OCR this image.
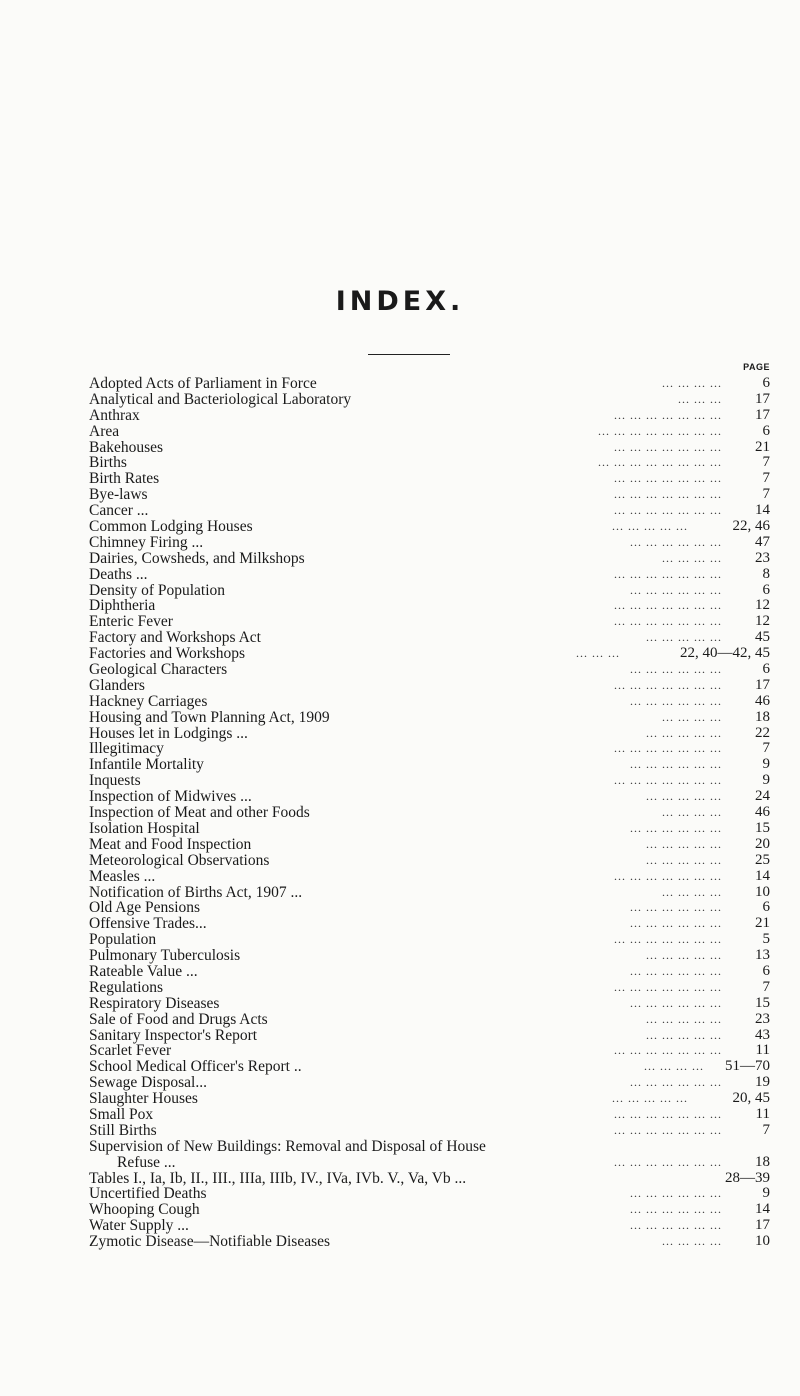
INDEX.
PAGE
Adopted Acts of Parliament in Force	... ... ... ...	6
Analytical and Bacteriological Laboratory	... ... ... 17
Anthrax	... ... ... ... ... ... ... 17
Area	... ... ... ... ... ... ... ...	6
Bakehouses	... ... ... ... ... ... ... 21
Births	... ... ... ... ... ... ... ...	7
Birth Rates	... ... ... ... ... ... ...	7
Bye-laws	... ... ... ... ... ... ...	7
Cancer ...	... ... ... ... ... ... ... 14
Common Lodging Houses	... ... ... ... ...	22, 46
Chimney Firing ...	... ... ... ... ... ... 47
Dairies, Cowsheds, and Milkshops	... ... ... ... 23
Deaths ...	... ... ... ... ... ... ...	8
Density of Population	... ... ... ... ... ...	6
Diphtheria	... ... ... ... ... ... ... 12
Enteric Fever	... ... ... ... ... ... ... 12
Factory and Workshops Act	... ... ... ... ... 45
Factories and Workshops	... ... ...	22, 40—42, 45
Geological Characters	... ... ... ... ... ...	6
Glanders	... ... ... ... ... ... ... 17
Hackney Carriages	... ... ... ... ... ... 46
Housing and Town Planning Act, 1909	... ... ... ... 18
Houses let in Lodgings ...	... ... ... ... ... 22
Illegitimacy	... ... ... ... ... ... ...	7
Infantile Mortality	... ... ... ... ... ...	9
Inquests	... ... ... ... ... ... ...	9
Inspection of Midwives ...	... ... ... ... ... 24
Inspection of Meat and other Foods	... ... ... ... 46
Isolation Hospital	... ... ... ... ... ... 15
Meat and Food Inspection	... ... ... ... ... 20
Meteorological Observations	... ... ... ... ... 25
Measles ...	... ... ... ... ... ... ... 14
Notification of Births Act, 1907 ...	... ... ... ... 10
Old Age Pensions	... ... ... ... ... ...	6
Offensive Trades...	... ... ... ... ... ... 21
Population	... ... ... ... ... ... ...	5
Pulmonary Tuberculosis	... ... ... ... ... 13
Rateable Value ...	... ... ... ... ... ...	6
Regulations	... ... ... ... ... ... ...	7
Respiratory Diseases	... ... ... ... ... ... 15
Sale of Food and Drugs Acts	... ... ... ... ... 23
Sanitary Inspector's Report	... ... ... ... ... 43
Scarlet Fever	... ... ... ... ... ... ... 11
School Medical Officer's Report ..	... ... ... ... 51—70
Sewage Disposal...	... ... ... ... ... ... 19
Slaughter Houses	... ... ... ... ...	20, 45
Small Pox	... ... ... ... ... ... ... 11
Still Births	... ... ... ... ... ... ...	7
Supervision of New Buildings: Removal and Disposal of House
Refuse ...	... ... ... ... ... ... ... 18
Tables I., Ia, Ib, II., III., IIIa, IIIb, IV., IVa, IVb. V., Va, Vb ...	28—39
Uncertified Deaths	... ... ... ... ... ...	9
Whooping Cough	... ... ... ... ... ... 14
Water Supply ...	... ... ... ... ... ... 17
Zymotic Disease—Notifiable Diseases	... ... ... ... 10
